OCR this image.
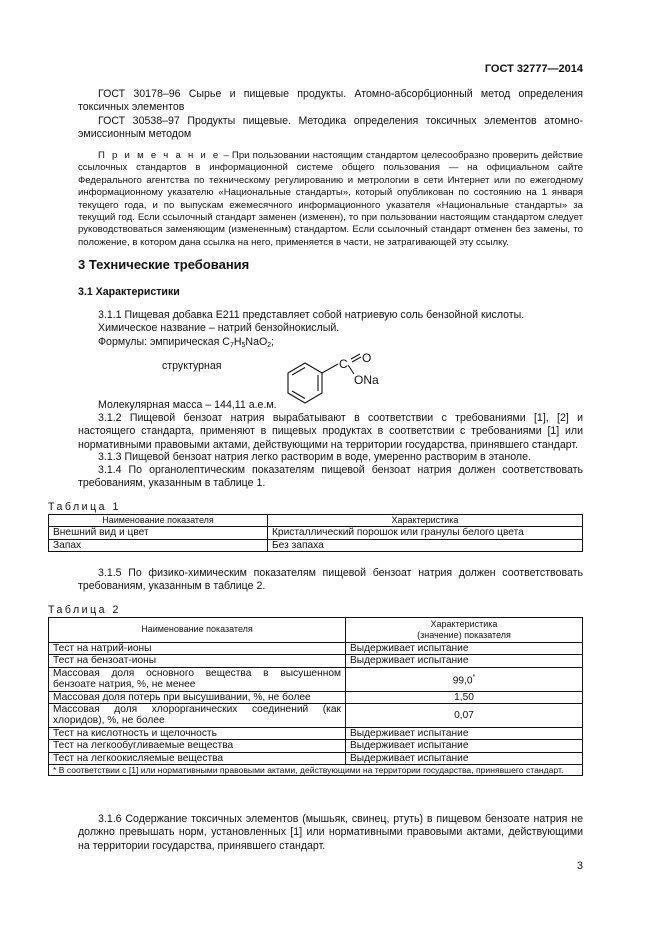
ГОСТ 32777—2014

ГОСТ 30178–96 Сырье и пищевые продукты. Атомно-абсорбционный метод определения токсичных элементов

ГОСТ 30538–97 Продукты пищевые. Методика определения токсичных элементов атомно-эмиссионным методом

П р и м е ч а н и е – При пользовании настоящим стандартом целесообразно проверить действие ссылочных стандартов в информационной системе общего пользования — на официальном сайте Федерального агентства по техническому регулированию и метрологии в сети Интернет или по ежегодному информационному указателю «Национальные стандарты», который опубликован по состоянию на 1 января текущего года, и по выпускам ежемесячного информационного указателя «Национальные стандарты» за текущий год. Если ссылочный стандарт заменен (изменен), то при пользовании настоящим стандартом следует руководствоваться заменяющим (измененным) стандартом. Если ссылочный стандарт отменен без замены, то положение, в котором дана ссылка на него, применяется в части, не затрагивающей эту ссылку.
3 Технические требования
3.1 Характеристики
3.1.1 Пищевая добавка Е211 представляет собой натриевую соль бензойной кислоты.
Химическое название – натрий бензойнокислый.
Формулы: эмпирическая $C_7H_5NaO_2$;
структурная	C O
ONa
Молекулярная масса – 144,11 а.е.м.
3.1.2 Пищевой бензоат натрия вырабатывают в соответствии с требованиями [1], [2] и настоящего стандарта, применяют в пищевых продуктах в соответствии с требованиями [1] или нормативными правовыми актами, действующими на территории государства, принявшего стандарт.
3.1.3 Пищевой бензоат натрия легко растворим в воде, умеренно растворим в этаноле.
3.1.4 По органолептическим показателям пищевой бензоат натрия должен соответствовать требованиям, указанным в таблице 1.
Таблица 1
Наименование показателя	Характеристика
Внешний вид и цвет	Кристаллический порошок или гранулы белого цвета
Запах	Без запаха
3.1.5 По физико-химическим показателям пищевой бензоат натрия должен соответствовать требованиям, указанным в таблице 2.
Таблица 2
Наименование показателя	Характеристика
(значение) показателя

Тест на натрий-ионы	Выдерживает испытание
Тест на бензоат-ионы	Выдерживает испытание
Массовая доля основного вещества в высушенном бензоате натрия, %, не менее	99,0*
Массовая доля потерь при высушивании, %, не более	1,50
Массовая доля хлорорганических соединений (как хлоридов), %, не более	0,07
Тест на кислотность и щелочность	Выдерживает испытание
Тест на легкообугливаемые вещества	Выдерживает испытание
Тест на легкоокисляемые вещества	Выдерживает испытание
* В соответствии с [1] или нормативными правовыми актами, действующими на территории государства, принявшего стандарт.	
3.1.6 Содержание токсичных элементов (мышьяк, свинец, ртуть) в пищевом бензоате натрия не должно превышать норм, установленных [1] или нормативными правовыми актами, действующими на территории государства, принявшего стандарт.
3
